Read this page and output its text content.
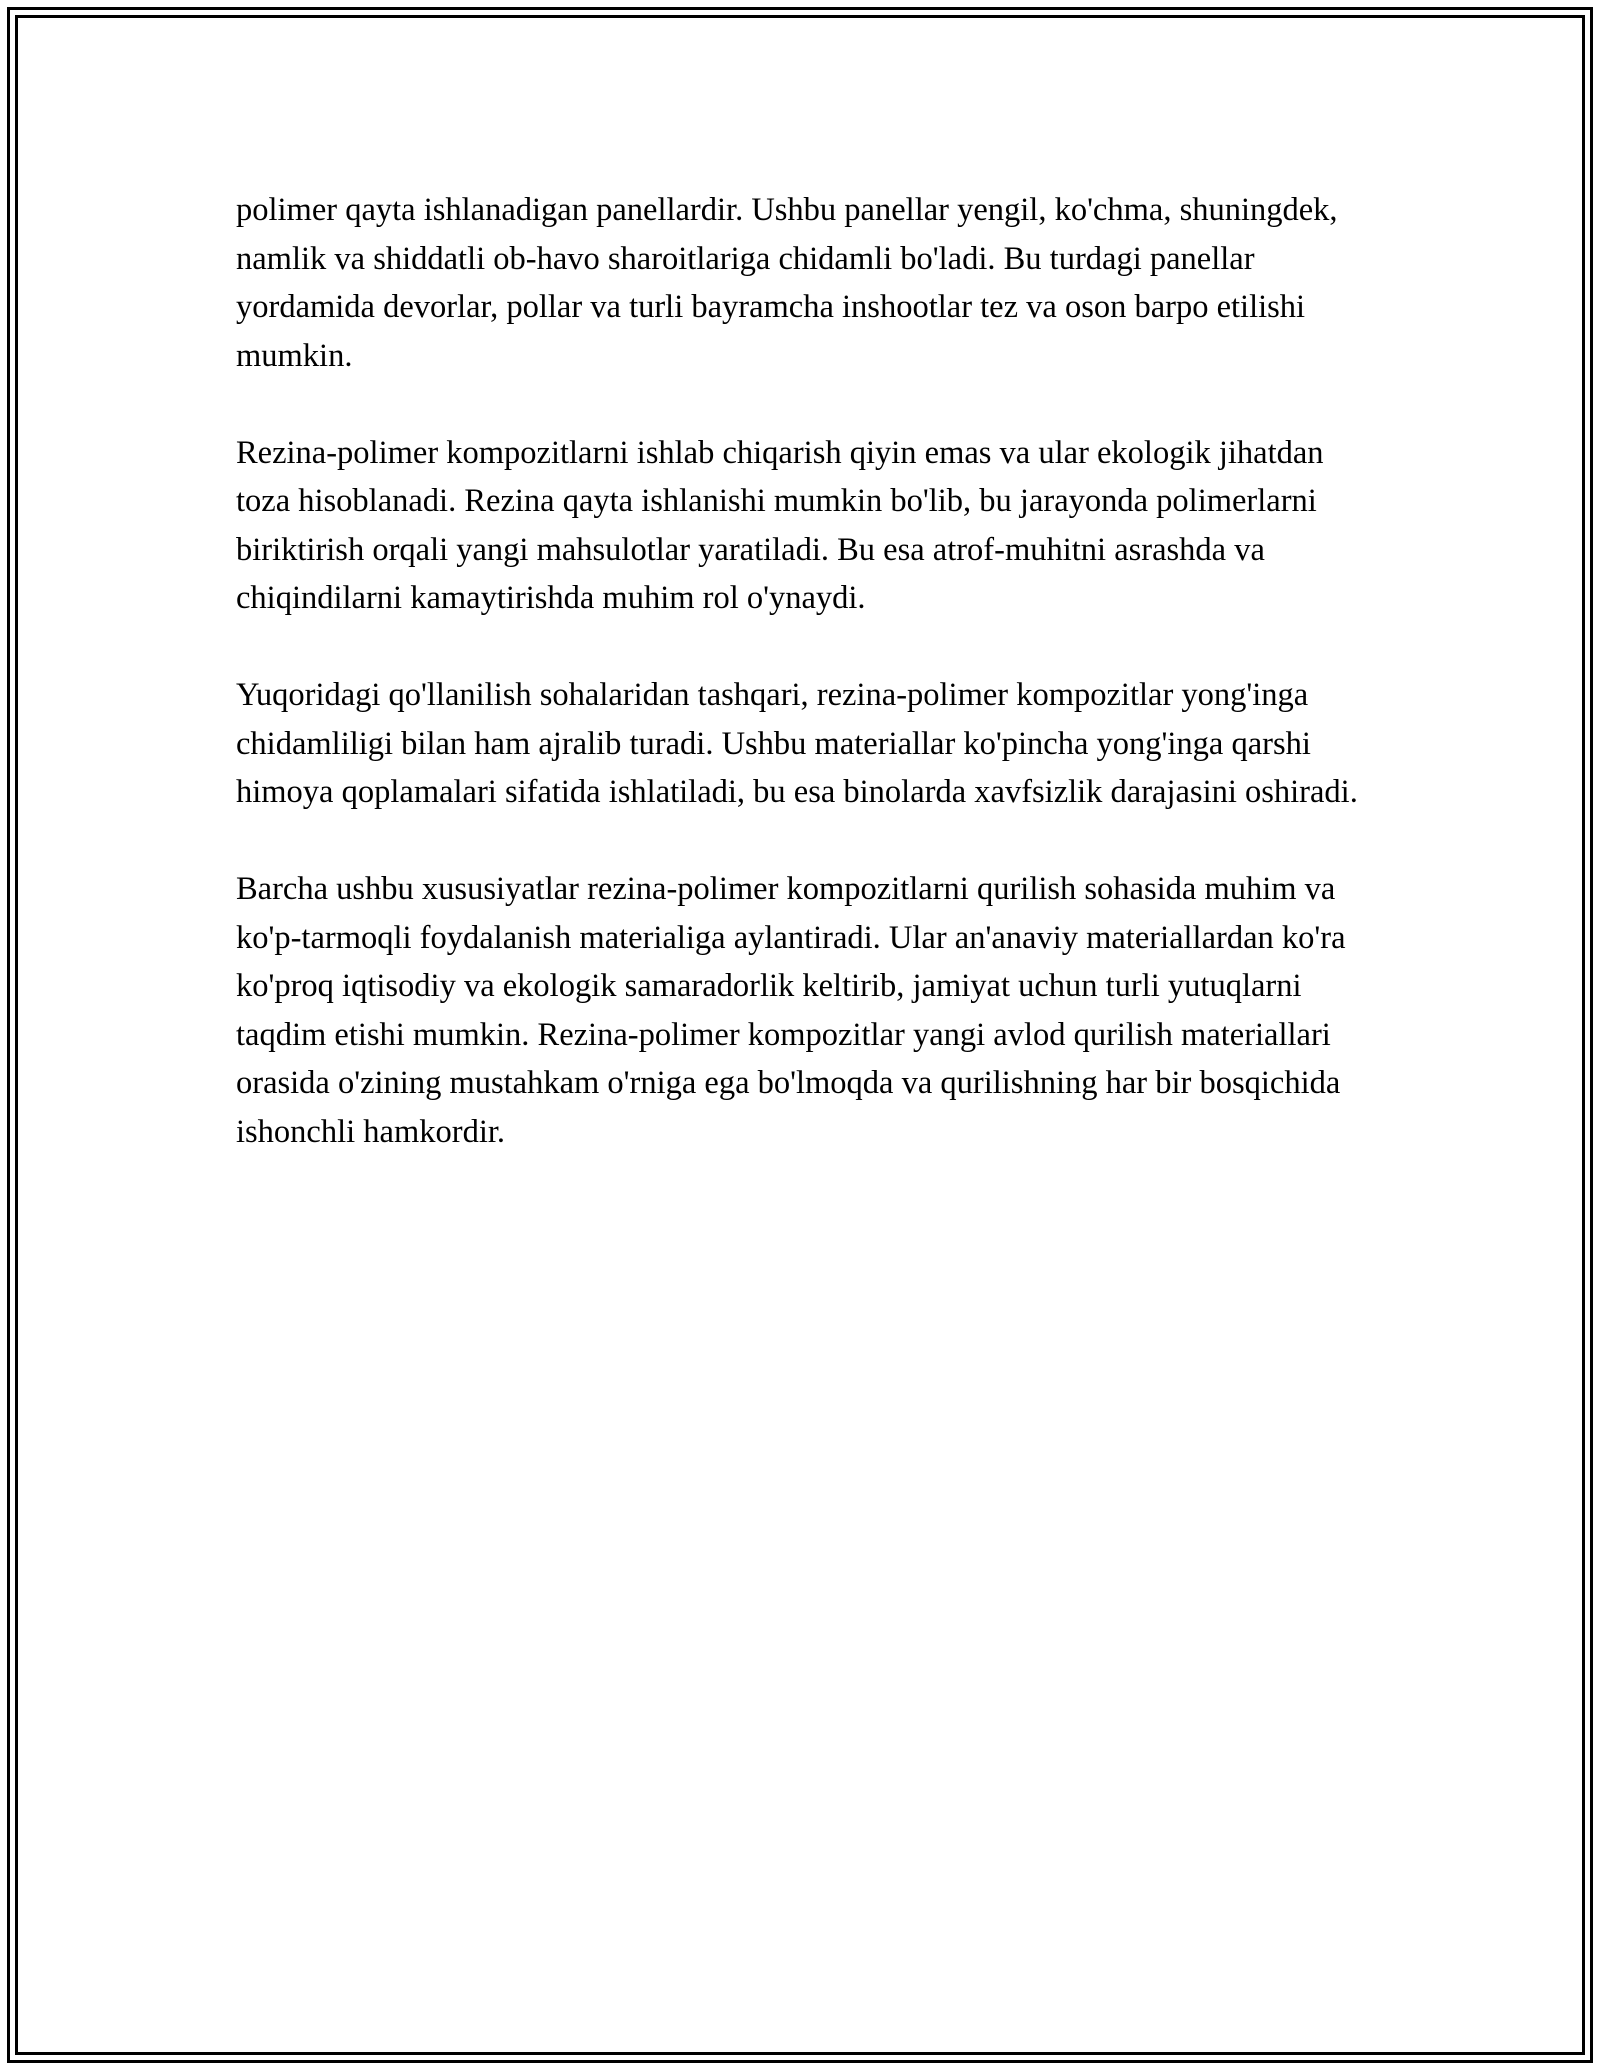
polimer qayta ishlanadigan panellardir. Ushbu panellar yengil, ko'chma, shuningdek, namlik va shiddatli ob-havo sharoitlariga chidamli bo'ladi. Bu turdagi panellar yordamida devorlar, pollar va turli bayramcha inshootlar tez va oson barpo etilishi mumkin.

Rezina-polimer kompozitlarni ishlab chiqarish qiyin emas va ular ekologik jihatdan toza hisoblanadi. Rezina qayta ishlanishi mumkin bo'lib, bu jarayonda polimerlarni biriktirish orqali yangi mahsulotlar yaratiladi. Bu esa atrof-muhitni asrashda va chiqindilarni kamaytirishda muhim rol o'ynaydi.

Yuqoridagi qo'llanilish sohalaridan tashqari, rezina-polimer kompozitlar yong'inga chidamliligi bilan ham ajralib turadi. Ushbu materiallar ko'pincha yong'inga qarshi himoya qoplamalari sifatida ishlatiladi, bu esa binolarda xavfsizlik darajasini oshiradi.

Barcha ushbu xususiyatlar rezina-polimer kompozitlarni qurilish sohasida muhim va ko'p-tarmoqli foydalanish materialiga aylantiradi. Ular an'anaviy materiallardan ko'ra ko'proq iqtisodiy va ekologik samaradorlik keltirib, jamiyat uchun turli yutuqlarni taqdim etishi mumkin. Rezina-polimer kompozitlar yangi avlod qurilish materiallari orasida o'zining mustahkam o'rniga ega bo'lmoqda va qurilishning har bir bosqichida ishonchli hamkordir.
